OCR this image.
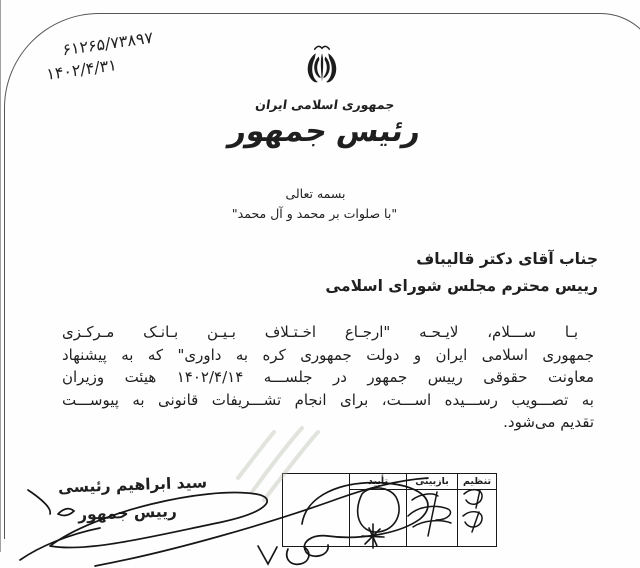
۶۱۲۶۵/۷۳۸۹۷
۱۴۰۲/۴/۳۱
جمهوری اسلامی ایران
رئیس جمهور
بسمه تعالی
"با صلوات بر محمد و آل محمد"
جناب آقای دکتر قالیباف
رییس محترم مجلس شورای اسلامی
بـا ســـلام، لایـحـه "ارجـاع اخـتـلاف بـیـن بـانـک مـرکـزی
جمهوری اسلامی ایران و دولت جمهوری کره به داوری" که به پیشنهاد
معاونت حقوقی رییس جمهور در جلســـه ۱۴۰۲/۴/۱۴ هیئت وزیران
به تصـــویب رســـیده اســـت، برای انجام تشـــریفات قانونی به پیوســـت
تقدیم می‌شود.
سید ابراهیم رئیسی
رییس جمهور
تنظیم
بازبینی
تأیید
